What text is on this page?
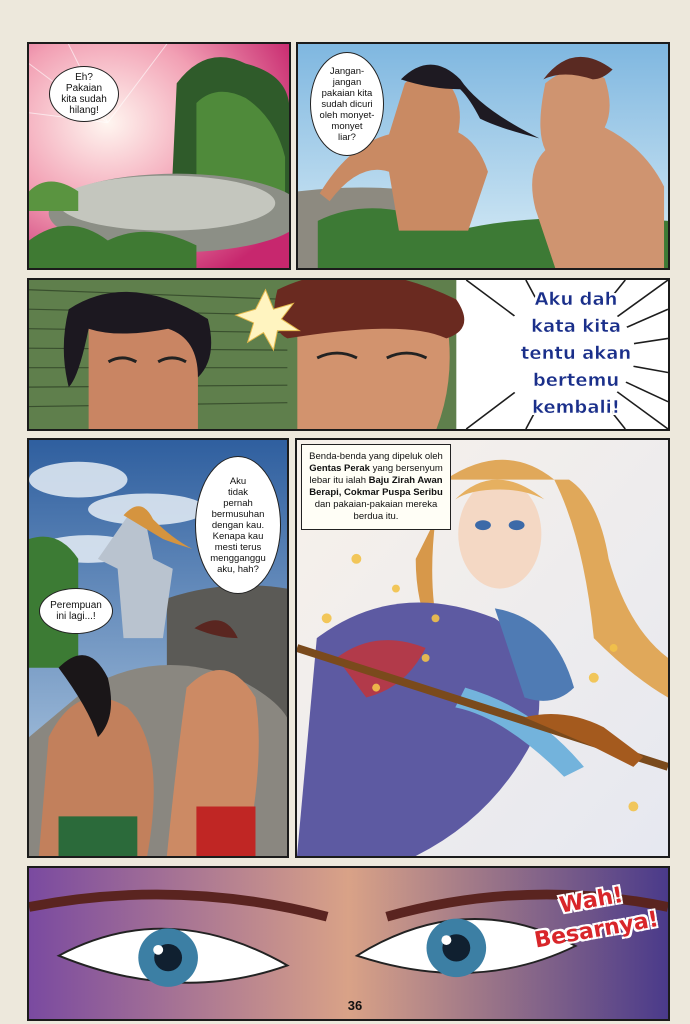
Eh?
Pakaian
kita sudah
hilang!
Jangan-
jangan
pakaian kita
sudah dicuri
oleh monyet-
monyet
liar?
Aku dah
kata kita
tentu akan
bertemu
kembali!
Aku
tidak
pernah
bermusuhan
dengan kau.
Kenapa kau
mesti terus
mengganggu
aku, hah?
Perempuan
ini lagi...!
Benda-benda yang dipeluk oleh Gentas Perak yang bersenyum lebar itu ialah Baju Zirah Awan Berapi, Cokmar Puspa Seribu dan pakaian-pakaian mereka berdua itu.
Wah!
Besarnya!
36
